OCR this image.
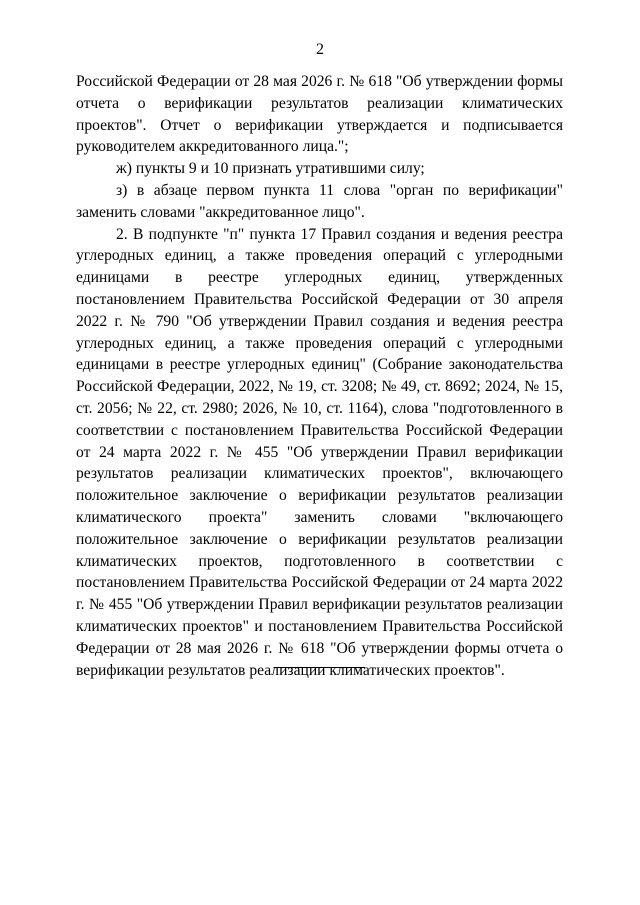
2

Российской Федерации от 28 мая 2026 г. № 618 "Об утверждении формы отчета о верификации результатов реализации климатических проектов". Отчет о верификации утверждается и подписывается руководителем аккредитованного лица.";

ж) пункты 9 и 10 признать утратившими силу;

з) в абзаце первом пункта 11 слова "орган по верификации" заменить словами "аккредитованное лицо".

2. В подпункте "п" пункта 17 Правил создания и ведения реестра углеродных единиц, а также проведения операций с углеродными единицами в реестре углеродных единиц, утвержденных постановлением Правительства Российской Федерации от 30 апреля 2022 г. № 790 "Об утверждении Правил создания и ведения реестра углеродных единиц, а также проведения операций с углеродными единицами в реестре углеродных единиц" (Собрание законодательства Российской Федерации, 2022, № 19, ст. 3208; № 49, ст. 8692; 2024, № 15, ст. 2056; № 22, ст. 2980; 2026, № 10, ст. 1164), слова "подготовленного в соответствии с постановлением Правительства Российской Федерации от 24 марта 2022 г. № 455 "Об утверждении Правил верификации результатов реализации климатических проектов", включающего положительное заключение о верификации результатов реализации климатического проекта" заменить словами "включающего положительное заключение о верификации результатов реализации климатических проектов, подготовленного в соответствии с постановлением Правительства Российской Федерации от 24 марта 2022 г. № 455 "Об утверждении Правил верификации результатов реализации климатических проектов" и постановлением Правительства Российской Федерации от 28 мая 2026 г. № 618 "Об утверждении формы отчета о верификации результатов реализации климатических проектов".
